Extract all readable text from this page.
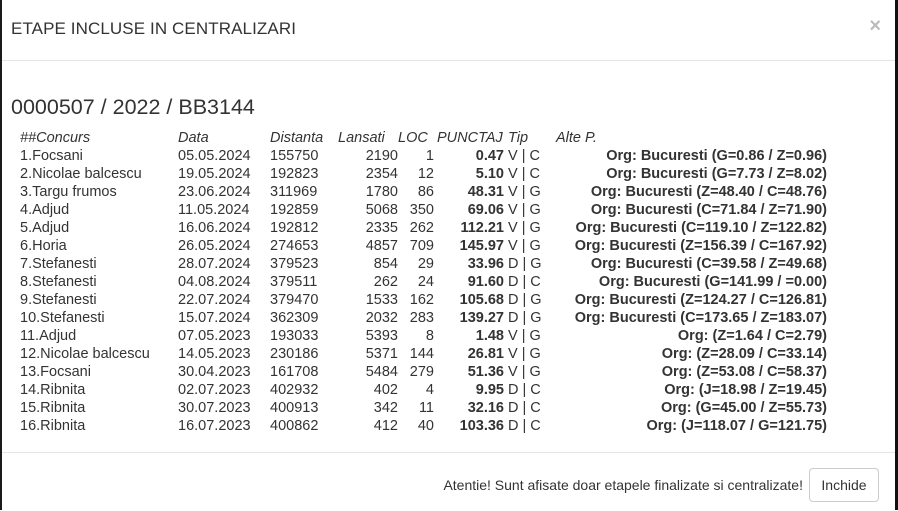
ETAPE INCLUSE IN CENTRALIZARI	×
0000507 / 2022 / BB3144
##Concurs	Data	Distanta	Lansati	LOC		PUNCTAJ	Tip	Alte P.
1.Focsani	05.05.2024	155750	2190	1		0.47	V | C	Org: Bucuresti (G=0.86 / Z=0.96)
2.Nicolae balcescu	19.05.2024	192823	2354	12		5.10	V | C	Org: Bucuresti (G=7.73 / Z=8.02)
3.Targu frumos	23.06.2024	311969	1780	86		48.31	V | G	Org: Bucuresti (Z=48.40 / C=48.76)
4.Adjud	11.05.2024	192859	5068	350		69.06	V | G	Org: Bucuresti (C=71.84 / Z=71.90)
5.Adjud	16.06.2024	192812	2335	262		112.21	V | G	Org: Bucuresti (C=119.10 / Z=122.82)
6.Horia	26.05.2024	274653	4857	709		145.97	V | G	Org: Bucuresti (Z=156.39 / C=167.92)
7.Stefanesti	28.07.2024	379523	854	29		33.96	D | G	Org: Bucuresti (C=39.58 / Z=49.68)
8.Stefanesti	04.08.2024	379511	262	24		91.60	D | C	Org: Bucuresti (G=141.99 / =0.00)
9.Stefanesti	22.07.2024	379470	1533	162		105.68	D | G	Org: Bucuresti (Z=124.27 / C=126.81)
10.Stefanesti	15.07.2024	362309	2032	283		139.27	D | G	Org: Bucuresti (C=173.65 / Z=183.07)
11.Adjud	07.05.2023	193033	5393	8		1.48	V | G	Org: (Z=1.64 / C=2.79)
12.Nicolae balcescu	14.05.2023	230186	5371	144		26.81	V | G	Org: (Z=28.09 / C=33.14)
13.Focsani	30.04.2023	161708	5484	279		51.36	V | G	Org: (Z=53.08 / C=58.37)
14.Ribnita	02.07.2023	402932	402	4		9.95	D | C	Org: (J=18.98 / Z=19.45)
15.Ribnita	30.07.2023	400913	342	11		32.16	D | C	Org: (G=45.00 / Z=55.73)
16.Ribnita	16.07.2023	400862	412	40		103.36	D | C	Org: (J=118.07 / G=121.75)
Atentie! Sunt afisate doar etapele finalizate si centralizate!	Inchide
